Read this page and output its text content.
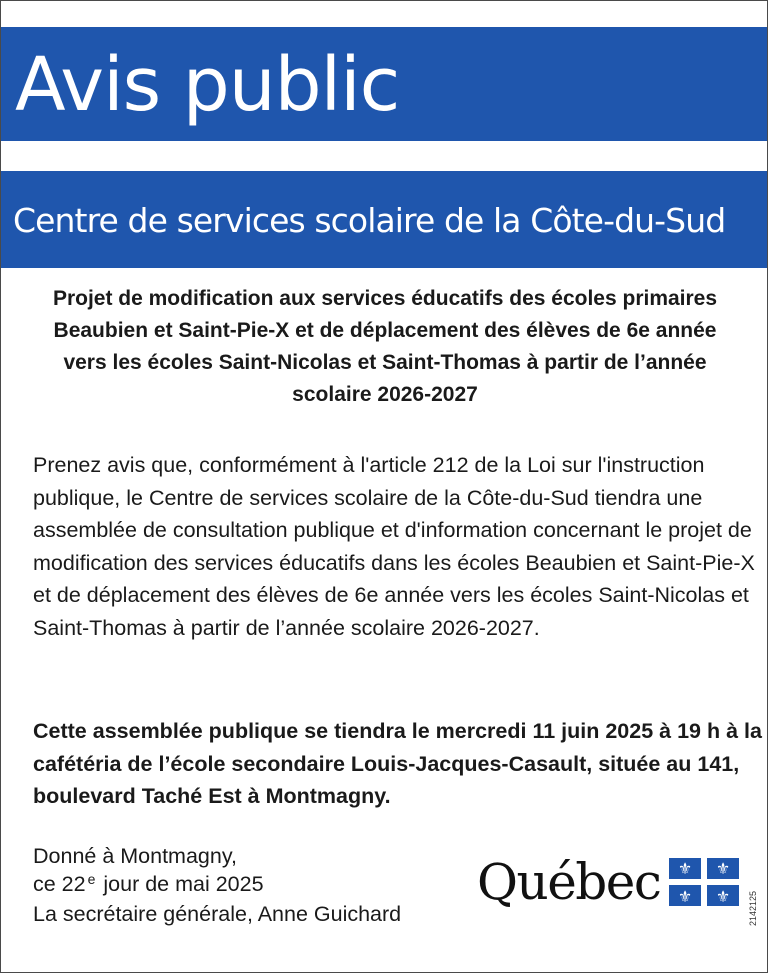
Avis public
Centre de services scolaire de la Côte-du-Sud
Projet de modification aux services éducatifs des écoles primaires Beaubien et Saint-Pie-X et de déplacement des élèves de 6e année vers les écoles Saint-Nicolas et Saint-Thomas à partir de l’année scolaire 2026-2027
Prenez avis que, conformément à l'article 212 de la Loi sur l'instruction publique, le Centre de services scolaire de la Côte-du-Sud tiendra une assemblée de consultation publique et d'information concernant le projet de modification des services éducatifs dans les écoles Beaubien et Saint-Pie-X et de déplacement des élèves de 6e année vers les écoles Saint-Nicolas et Saint-Thomas à partir de l’année scolaire 2026-2027.
Cette assemblée publique se tiendra le mercredi 11 juin 2025 à 19 h à la cafétéria de l’école secondaire Louis-Jacques-Casault, située au 141, boulevard Taché Est à Montmagny.
Donné à Montmagny,
ce 22 $^e$ jour de mai 2025
La secrétaire générale, Anne Guichard
Québec ⚜ ⚜
⚜ ⚜ 2142125
